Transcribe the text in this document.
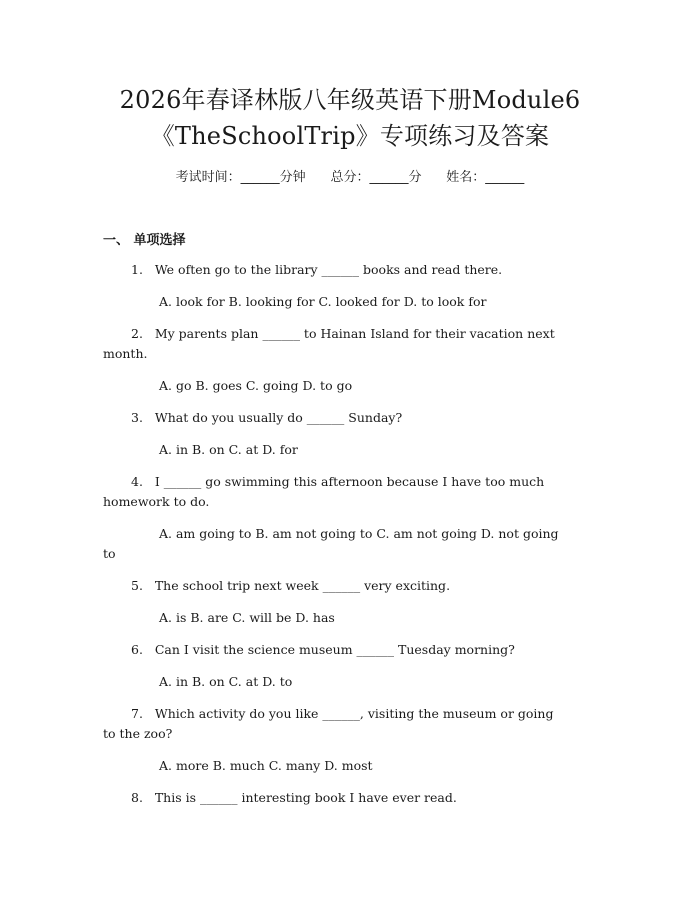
2026年春译林版八年级英语下册Module6
《TheSchoolTrip》专项练习及答案
考试时间：______分钟 总分：______分 姓名：______
一、 单项选择
1.   We often go to the library ______ books and read there.
A. look for B. looking for C. looked for D. to look for
2.   My parents plan ______ to Hainan Island for their vacation next
month.
A. go B. goes C. going D. to go
3.   What do you usually do ______ Sunday?
A. in B. on C. at D. for
4.   I ______ go swimming this afternoon because I have too much
homework to do.
A. am going to B. am not going to C. am not going D. not going
to
5.   The school trip next week ______ very exciting.
A. is B. are C. will be D. has
6.   Can I visit the science museum ______ Tuesday morning?
A. in B. on C. at D. to
7.   Which activity do you like ______, visiting the museum or going
to the zoo?
A. more B. much C. many D. most
8.   This is ______ interesting book I have ever read.
